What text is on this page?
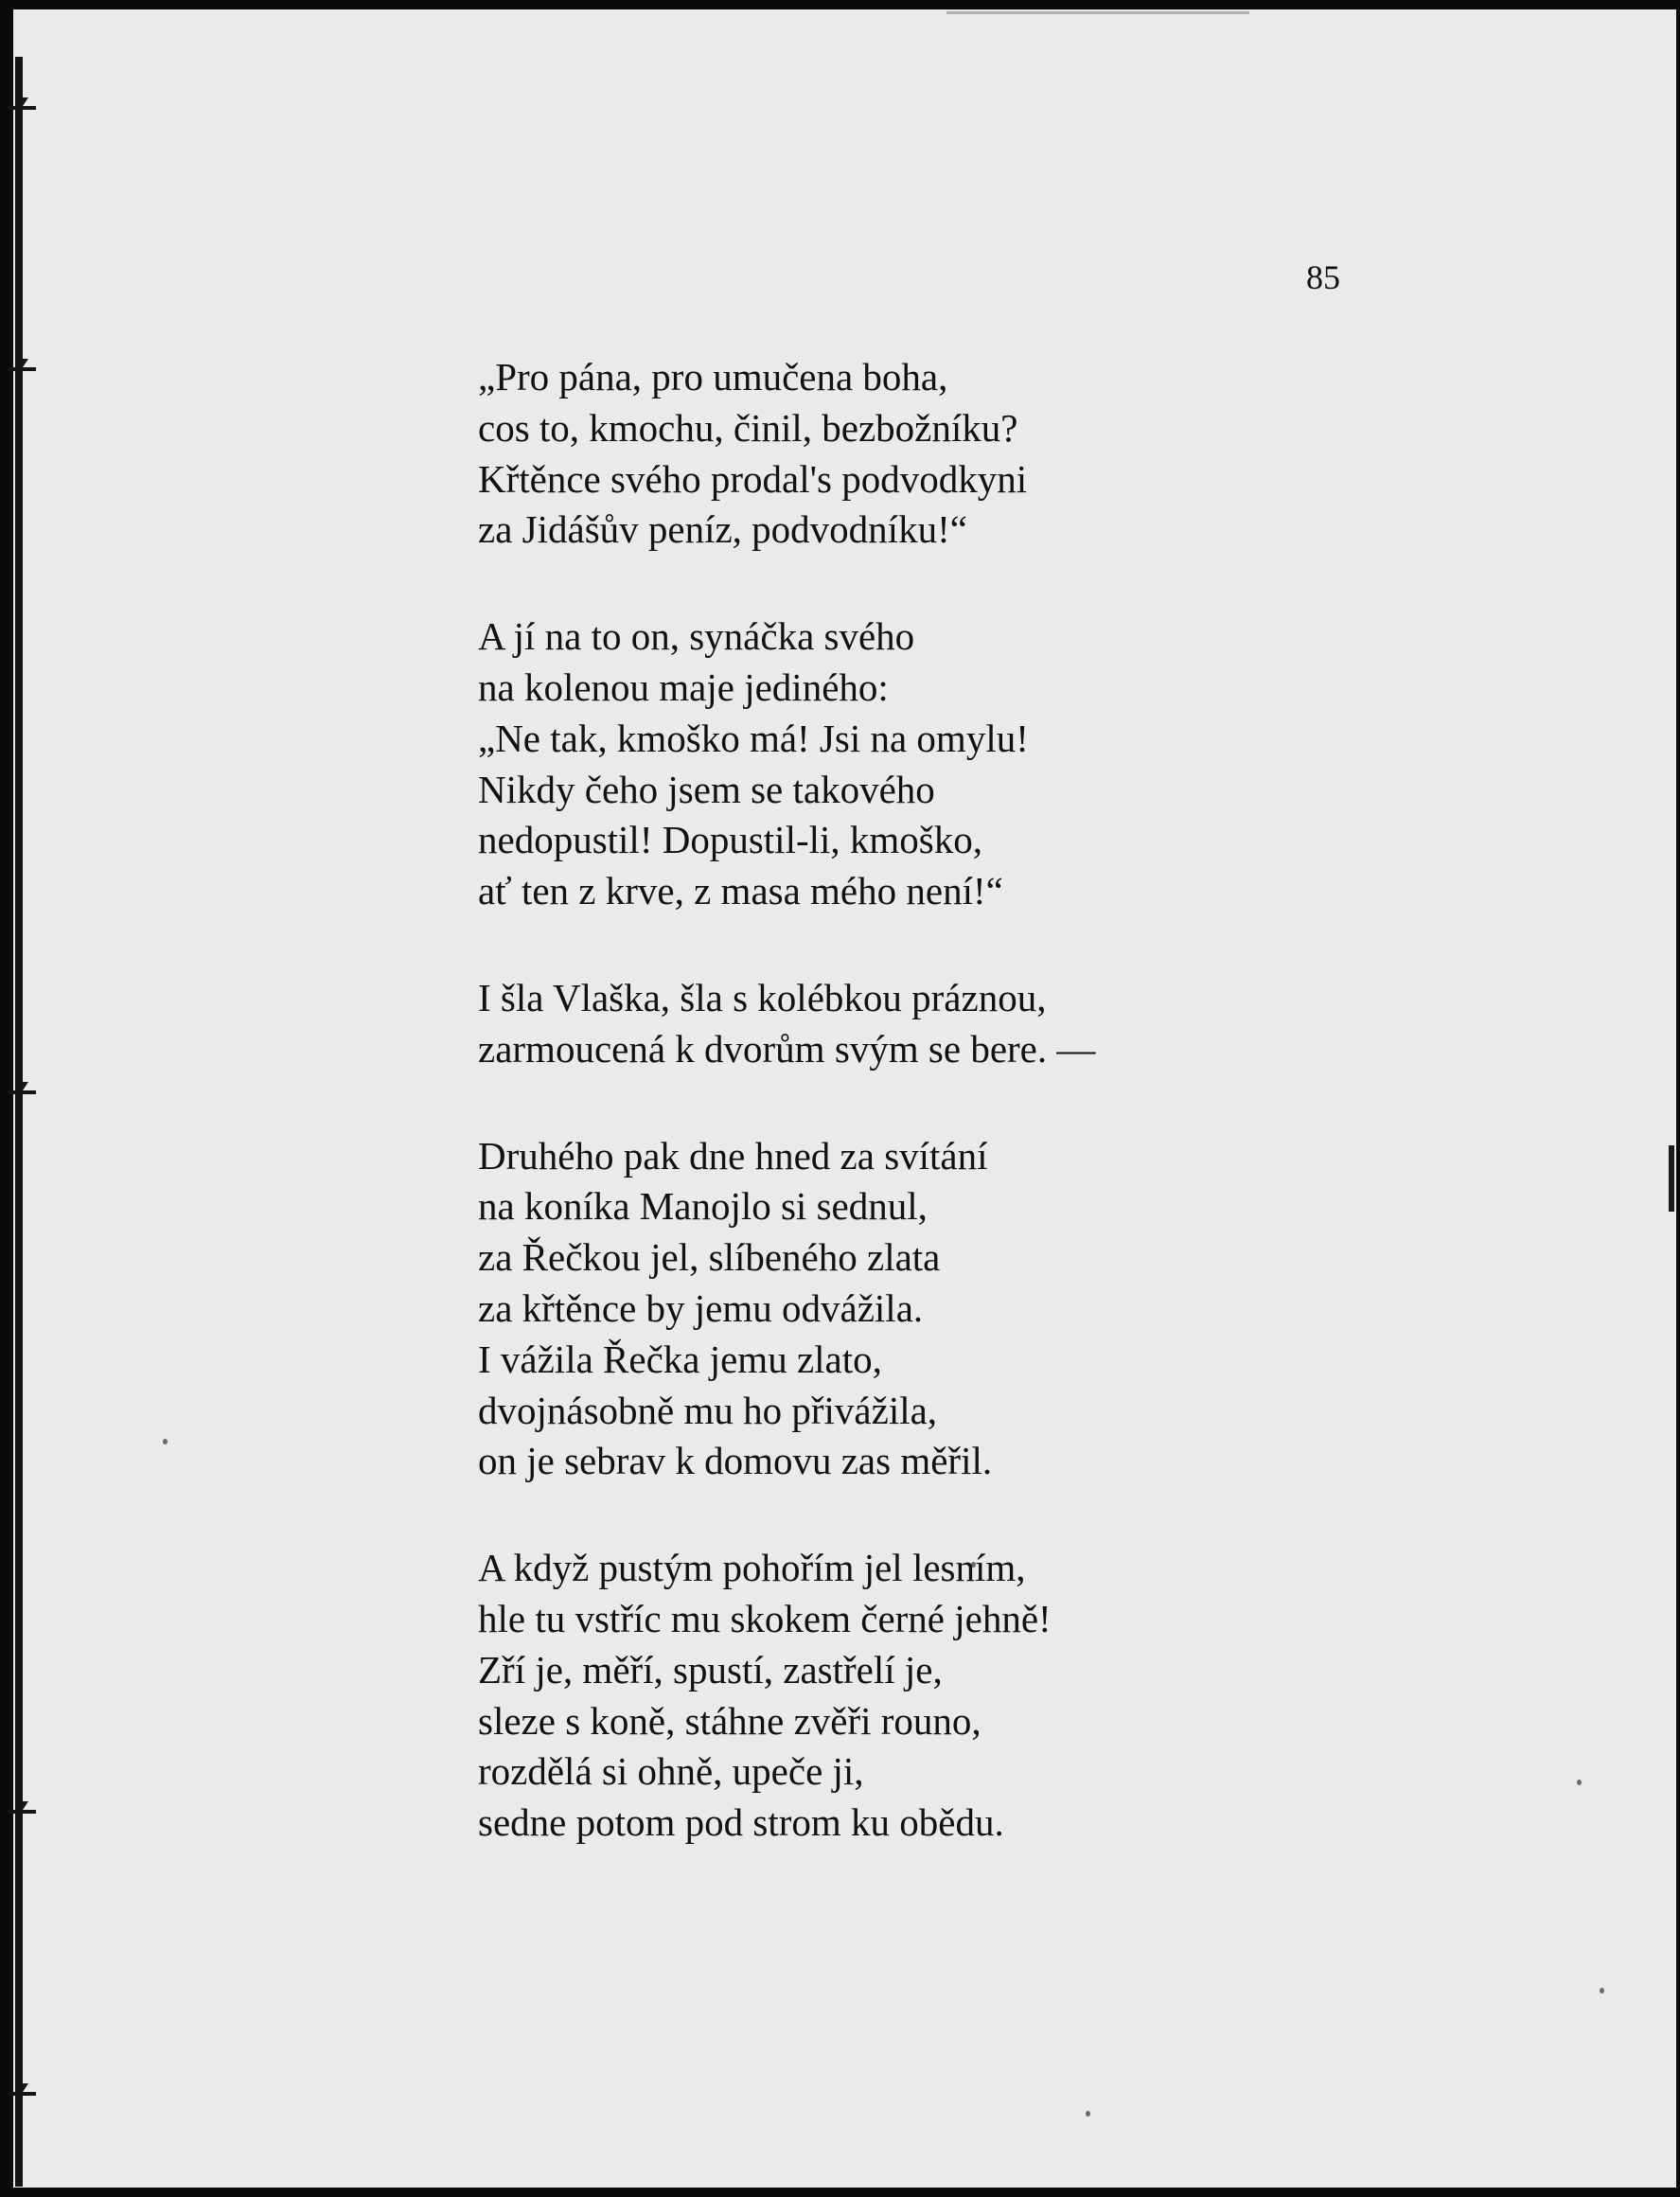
85
„Pro pána, pro umučena boha,
cos to, kmochu, činil, bezbožníku?
Křtěnce svého prodal's podvodkyni
za Jidášův peníz, podvodníku!“
A jí na to on, synáčka svého
na kolenou maje jediného:
„Ne tak, kmoško má! Jsi na omylu!
Nikdy čeho jsem se takového
nedopustil! Dopustil-li, kmoško,
ať ten z krve, z masa mého není!“
I šla Vlaška, šla s kolébkou práznou,
zarmoucená k dvorům svým se bere. —
Druhého pak dne hned za svítání
na koníka Manojlo si sednul,
za Řečkou jel, slíbeného zlata
za křtěnce by jemu odvážila.
I vážila Řečka jemu zlato,
dvojnásobně mu ho přivážila,
on je sebrav k domovu zas měřil.
A když pustým pohořím jel lesním,
hle tu vstříc mu skokem černé jehně!
Zří je, měří, spustí, zastřelí je,
sleze s koně, stáhne zvěři rouno,
rozdělá si ohně, upeče ji,
sedne potom pod strom ku obědu.
